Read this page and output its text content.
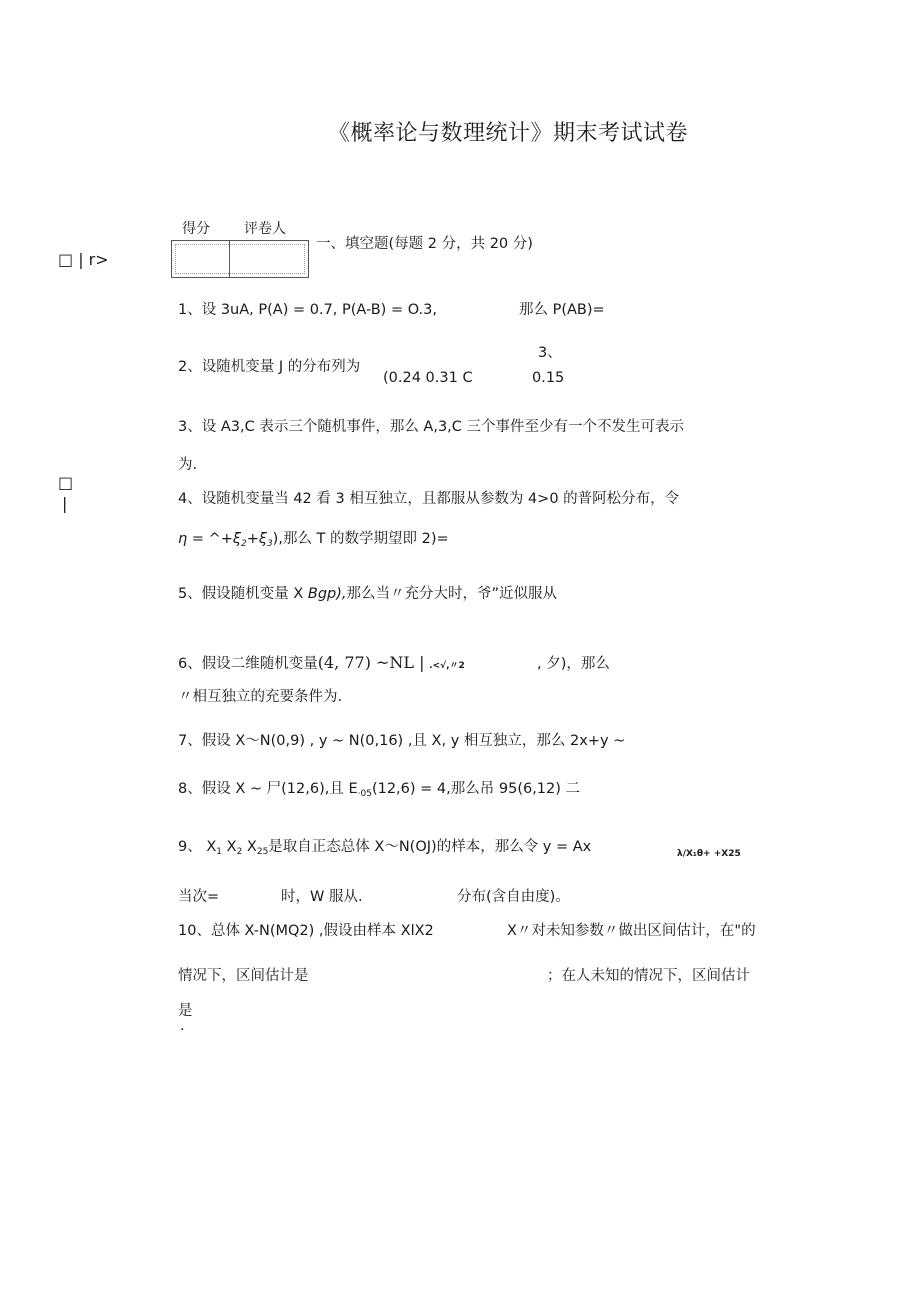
《概率论与数理统计》期末考试试卷
得分 评卷人
一、填空题(每题 2 分，共 20 分)
□ | r>
□
|
1、设 3uA, P(A) = 0.7, P(A-B) = O.3,	那么 P(AB)=
2、设随机变量 J 的分布列为
3、
(0.24 0.31 C	0.15
3、设 A3,C 表示三个随机事件，那么 A,3,C 三个事件至少有一个不发生可表示
为.
4、设随机变量当 42 看 3 相互独立，且都服从参数为 4>0 的普阿松分布，令
$\eta = \^{}+\xi_2+\xi_3$),那么 T 的数学期望即 2)=
5、假设随机变量 X Bgp),那么当〃充分大时，爷”近似服从
6、假设二维随机变量(4, 77) ~NL | .<√,〃2	, 夕)，那么
〃相互独立的充要条件为.
7、假设 X〜N(0,9) , y ~ N(0,16) ,且 X, y 相互独立，那么 2x+y ~
8、假设 X ~ 尸(12,6),且 $E_{\cdot 05}(12,6) = 4$,那么吊 95(6,12) 二
9、 $X_1$ $X_2$ $X_{25}$是取自正态总体 X〜N(OJ)的样本，那么令 y = Ax	λ/X₁θ+ +X25
当次=	时，W 服从.	分布(含自由度)。
10、总体 X-N(MQ2) ,假设由样本 XlX2	X〃对未知参数〃做出区间估计，在"的
情况下，区间估计是	；在人未知的情况下，区间估计
是
.
